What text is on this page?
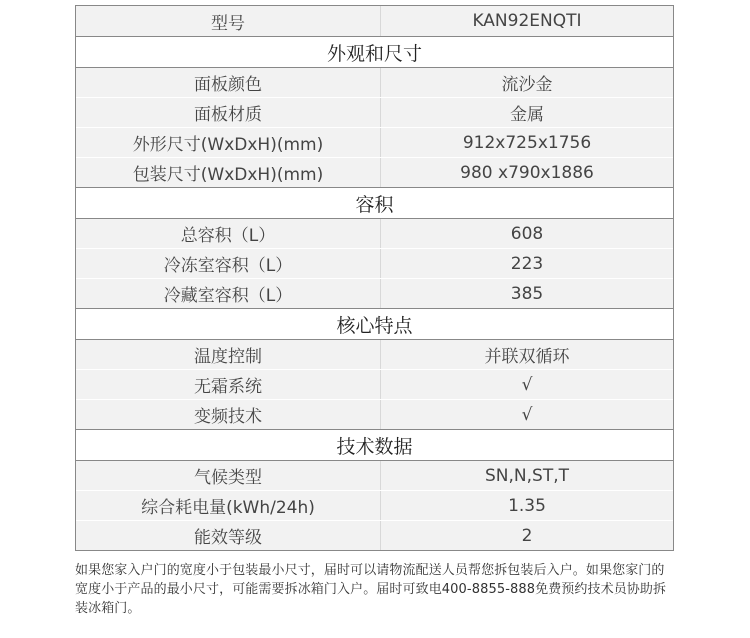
型号	KAN92ENQTI
外观和尺寸
面板颜色	流沙金
面板材质	金属
外形尺寸(WxDxH)(mm)	912x725x1756
包装尺寸(WxDxH)(mm)	980 x790x1886
容积
总容积（L）	608
冷冻室容积（L）	223
冷藏室容积（L）	385
核心特点
温度控制	并联双循环
无霜系统	√
变频技术	√
技术数据
气候类型	SN,N,ST,T
综合耗电量(kWh/24h)	1.35
能效等级	2
如果您家入户门的宽度小于包装最小尺寸，届时可以请物流配送人员帮您拆包装后入户。如果您家门的宽度小于产品的最小尺寸，可能需要拆冰箱门入户。届时可致电400-8855-888免费预约技术员协助拆装冰箱门。
